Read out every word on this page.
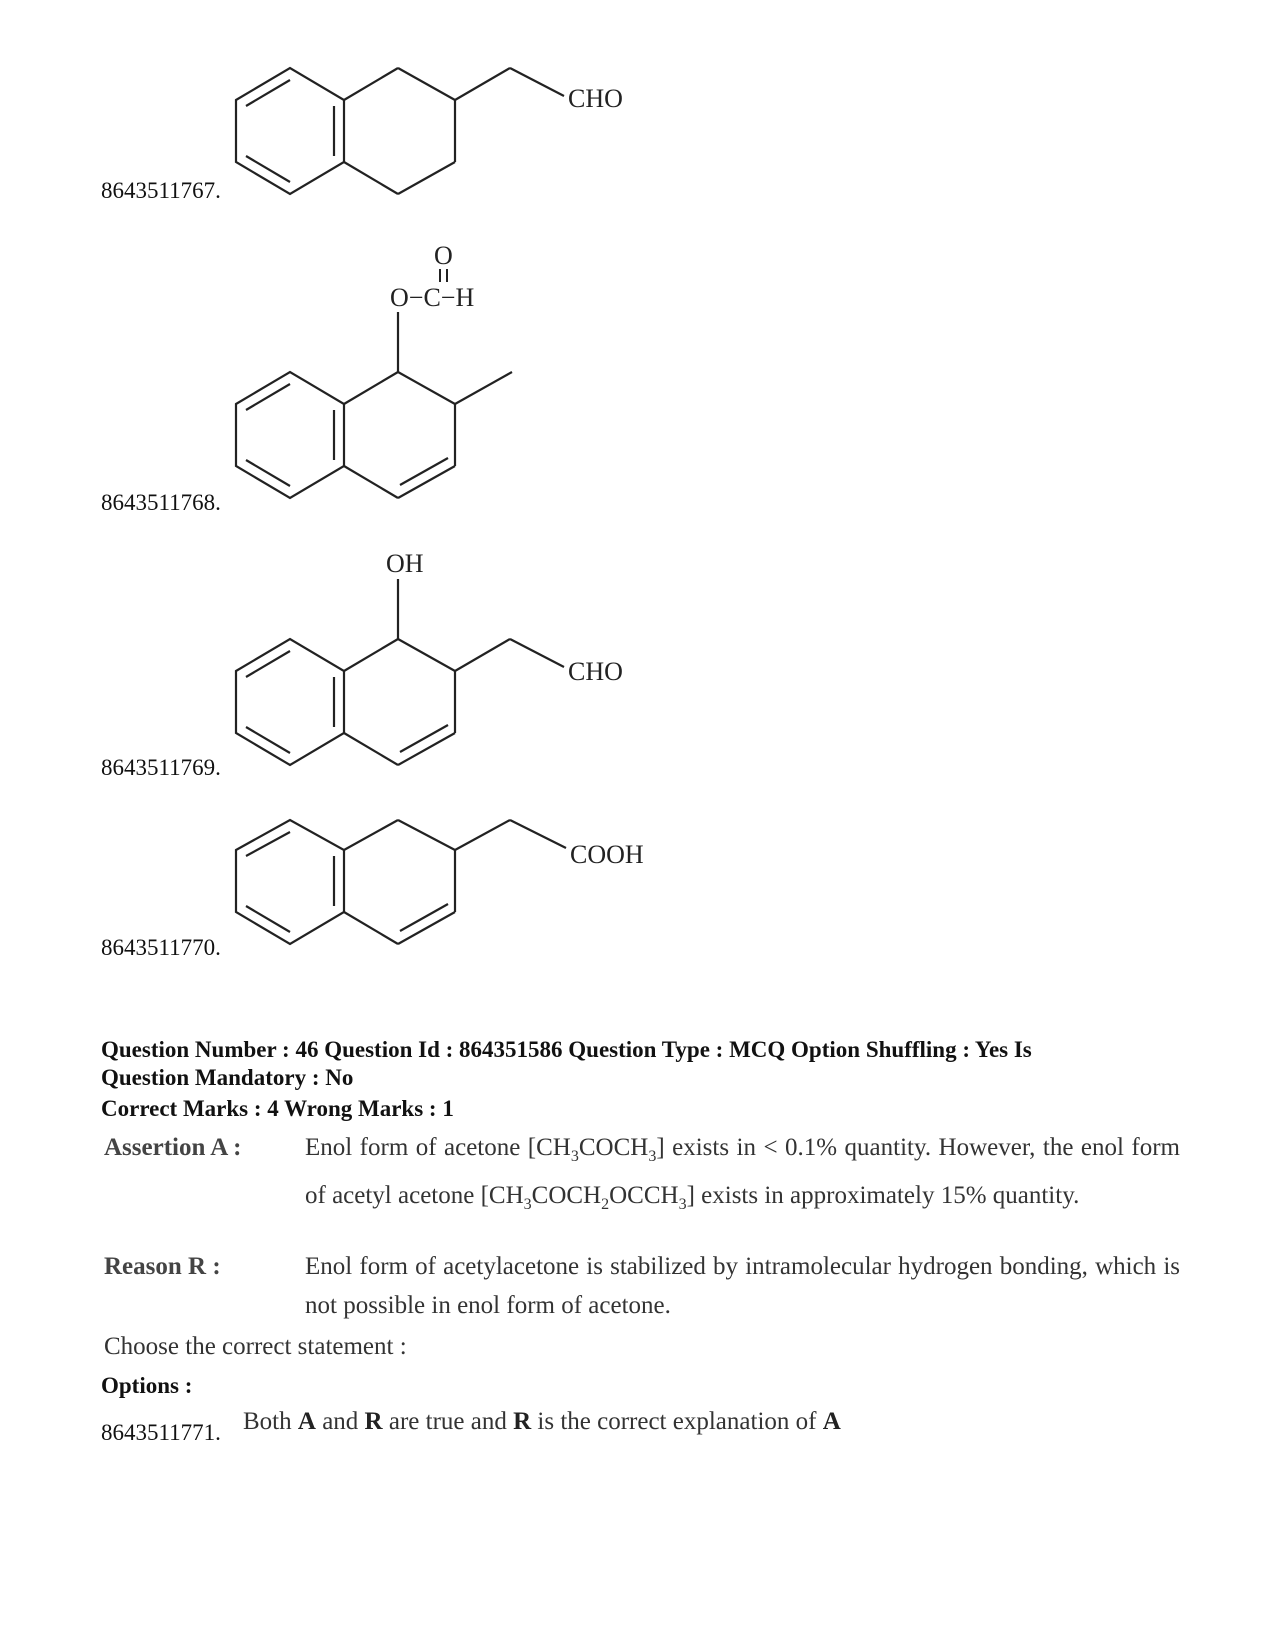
CHO
8643511767.
O
O−C−H
8643511768.
OH
CHO
8643511769.
COOH
8643511770.
Question Number : 46 Question Id : 864351586 Question Type : MCQ Option Shuffling : Yes Is
Question Mandatory : No
Correct Marks : 4 Wrong Marks : 1
Assertion A :	Enol form of acetone $[CH_3COCH_3]$ exists in < 0.1% quantity. However, the enol form of acetyl acetone $[CH_3COCH_2OCCH_3]$ exists in approximately 15% quantity.
Reason R :	Enol form of acetylacetone is stabilized by intramolecular hydrogen bonding, which is not possible in enol form of acetone.
Choose the correct statement :
Options :
8643511771. Both A and R are true and R is the correct explanation of A
